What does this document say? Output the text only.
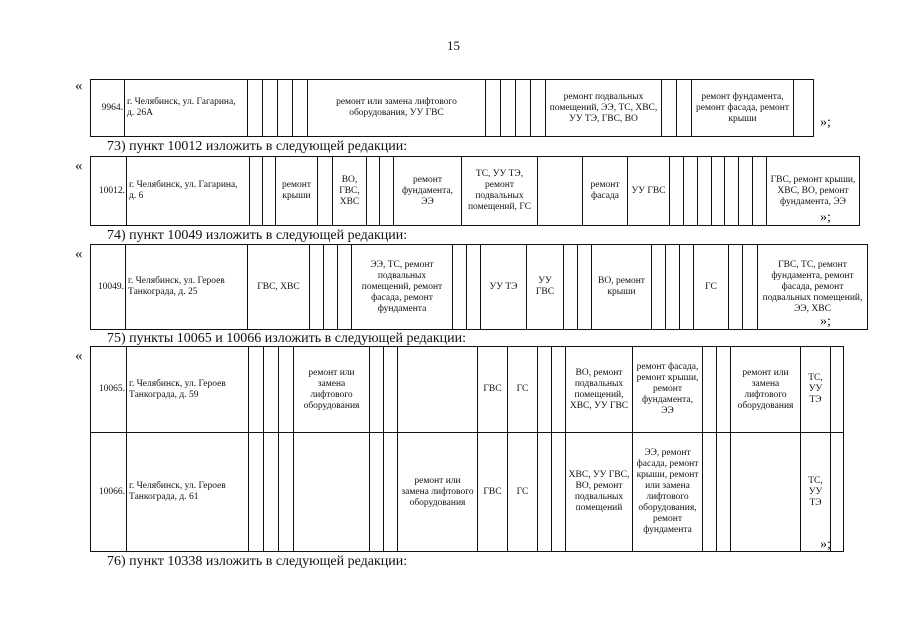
15
«
9964.	г. Челябинск, ул. Гагарина, д. 26А					ремонт или замена лифтового оборудования, УУ ГВС					ремонт подвальных помещений, ЭЭ, ТС, ХВС, УУ ТЭ, ГВС, ВО			ремонт фундамента, ремонт фасада, ремонт крыши		»;
73) пункт 10012 изложить в следующей редакции:
«
10012.	г. Челябинск, ул. Гагарина, д. 6			ремонт крыши		ВО, ГВС, ХВС			ремонт фундамента, ЭЭ	ТС, УУ ТЭ, ремонт подвальных помещений, ГС		ремонт фасада	УУ ГВС								ГВС, ремонт крыши, ХВС, ВО, ремонт фундамента, ЭЭ
»;
74) пункт 10049 изложить в следующей редакции:
«
10049.	г. Челябинск, ул. Героев Танкограда, д. 25	ГВС, ХВС				ЭЭ, ТС, ремонт подвальных помещений, ремонт фасада, ремонт фундамента			УУ ТЭ	УУ ГВС			ВО, ремонт крыши				ГС			ГВС, ТС, ремонт фундамента, ремонт фасада, ремонт подвальных помещений, ЭЭ, ХВС
»;
75) пункты 10065 и 10066 изложить в следующей редакции:
«
10065.	г. Челябинск, ул. Героев Танкограда, д. 59				ремонт или замена лифтового оборудования				ГВС	ГС			ВО, ремонт подвальных помещений, ХВС, УУ ГВС	ремонт фасада, ремонт крыши, ремонт фундамента, ЭЭ			ремонт или замена лифтового оборудования	ТС, УУ ТЭ	
10066.	г. Челябинск, ул. Героев Танкограда, д. 61							ремонт или замена лифтового оборудования	ГВС	ГС			ХВС, УУ ГВС, ВО, ремонт подвальных помещений	ЭЭ, ремонт фасада, ремонт крыши, ремонт или замена лифтового оборудования, ремонт фундамента				ТС, УУ ТЭ	
»;
76) пункт 10338 изложить в следующей редакции:
